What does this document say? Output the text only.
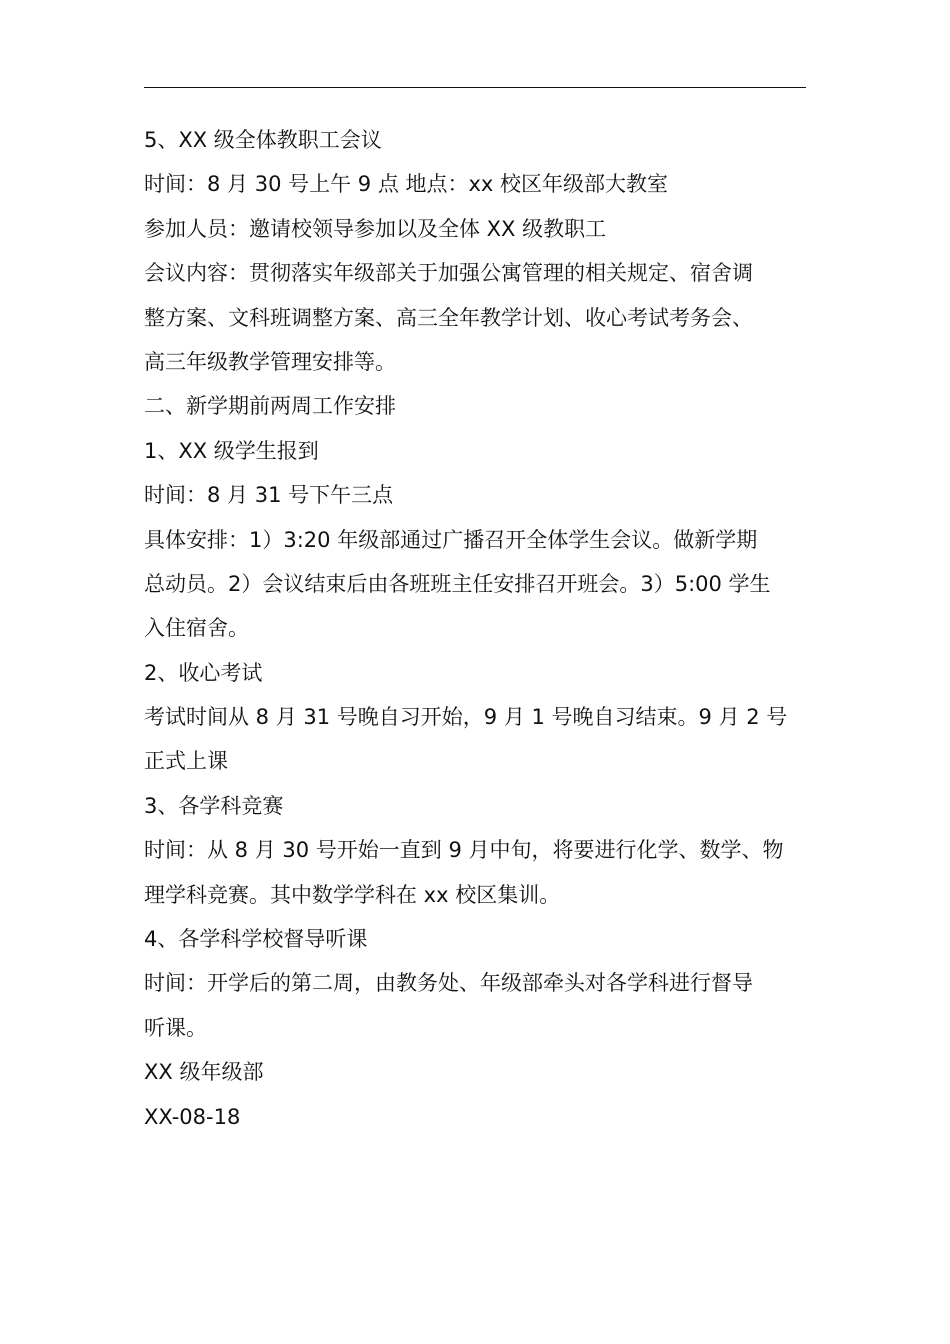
5、XX 级全体教职工会议
时间：8 月 30 号上午 9 点 地点：xx 校区年级部大教室
参加人员：邀请校领导参加以及全体 XX 级教职工
会议内容：贯彻落实年级部关于加强公寓管理的相关规定、宿舍调
整方案、文科班调整方案、高三全年教学计划、收心考试考务会、
高三年级教学管理安排等。
二、新学期前两周工作安排
1、XX 级学生报到
时间：8 月 31 号下午三点
具体安排：1）3:20 年级部通过广播召开全体学生会议。做新学期
总动员。2）会议结束后由各班班主任安排召开班会。3）5:00 学生
入住宿舍。
2、收心考试
考试时间从 8 月 31 号晚自习开始，9 月 1 号晚自习结束。9 月 2 号
正式上课
3、各学科竞赛
时间：从 8 月 30 号开始一直到 9 月中旬，将要进行化学、数学、物
理学科竞赛。其中数学学科在 xx 校区集训。
4、各学科学校督导听课
时间：开学后的第二周，由教务处、年级部牵头对各学科进行督导
听课。
XX 级年级部
XX-08-18
